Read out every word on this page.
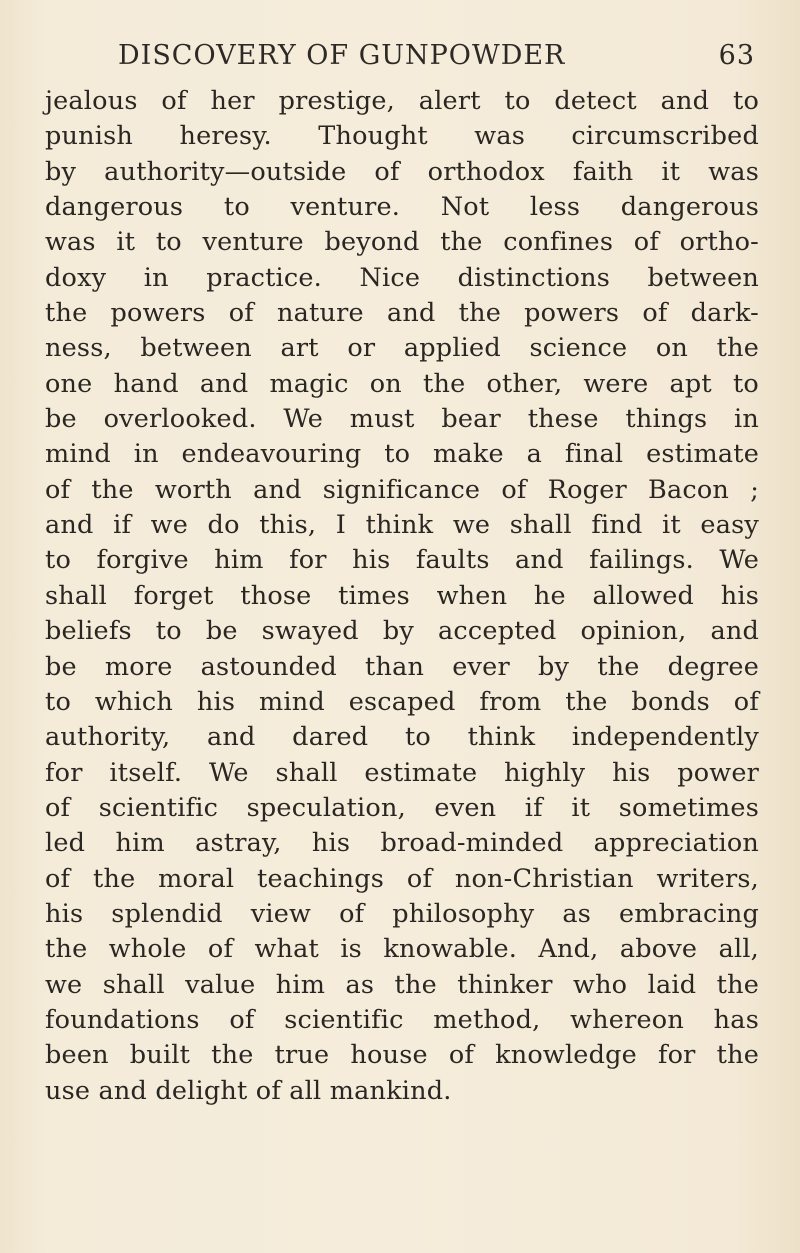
DISCOVERY OF GUNPOWDER	63
jealous of her prestige, alert to detect and to
punish heresy. Thought was circumscribed
by authority—outside of orthodox faith it was
dangerous to venture. Not less dangerous
was it to venture beyond the confines of ortho-
doxy in practice. Nice distinctions between
the powers of nature and the powers of dark-
ness, between art or applied science on the
one hand and magic on the other, were apt to
be overlooked. We must bear these things in
mind in endeavouring to make a final estimate
of the worth and significance of Roger Bacon ;
and if we do this, I think we shall find it easy
to forgive him for his faults and failings. We
shall forget those times when he allowed his
beliefs to be swayed by accepted opinion, and
be more astounded than ever by the degree
to which his mind escaped from the bonds of
authority, and dared to think independently
for itself. We shall estimate highly his power
of scientific speculation, even if it sometimes
led him astray, his broad-minded appreciation
of the moral teachings of non-Christian writers,
his splendid view of philosophy as embracing
the whole of what is knowable. And, above all,
we shall value him as the thinker who laid the
foundations of scientific method, whereon has
been built the true house of knowledge for the
use and delight of all mankind.
